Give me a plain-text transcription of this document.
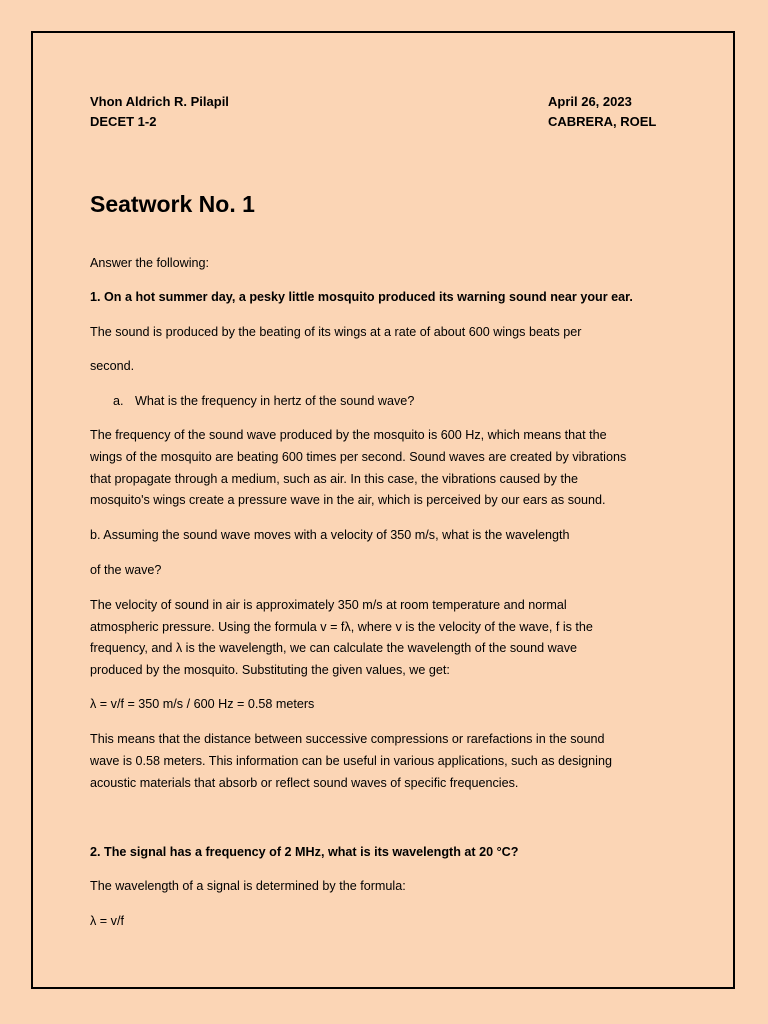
Vhon Aldrich R. Pilapil
DECET 1-2
April 26, 2023
CABRERA, ROEL
Seatwork No. 1
Answer the following:
1. On a hot summer day, a pesky little mosquito produced its warning sound near your ear.
The sound is produced by the beating of its wings at a rate of about 600 wings beats per
second.
a. What is the frequency in hertz of the sound wave?
The frequency of the sound wave produced by the mosquito is 600 Hz, which means that the
wings of the mosquito are beating 600 times per second. Sound waves are created by vibrations
that propagate through a medium, such as air. In this case, the vibrations caused by the
mosquito's wings create a pressure wave in the air, which is perceived by our ears as sound.
b. Assuming the sound wave moves with a velocity of 350 m/s, what is the wavelength
of the wave?
The velocity of sound in air is approximately 350 m/s at room temperature and normal
atmospheric pressure. Using the formula v = fλ, where v is the velocity of the wave, f is the
frequency, and λ is the wavelength, we can calculate the wavelength of the sound wave
produced by the mosquito. Substituting the given values, we get:
λ = v/f = 350 m/s / 600 Hz = 0.58 meters
This means that the distance between successive compressions or rarefactions in the sound
wave is 0.58 meters. This information can be useful in various applications, such as designing
acoustic materials that absorb or reflect sound waves of specific frequencies.
2. The signal has a frequency of 2 MHz, what is its wavelength at 20 °C?
The wavelength of a signal is determined by the formula:
λ = v/f
